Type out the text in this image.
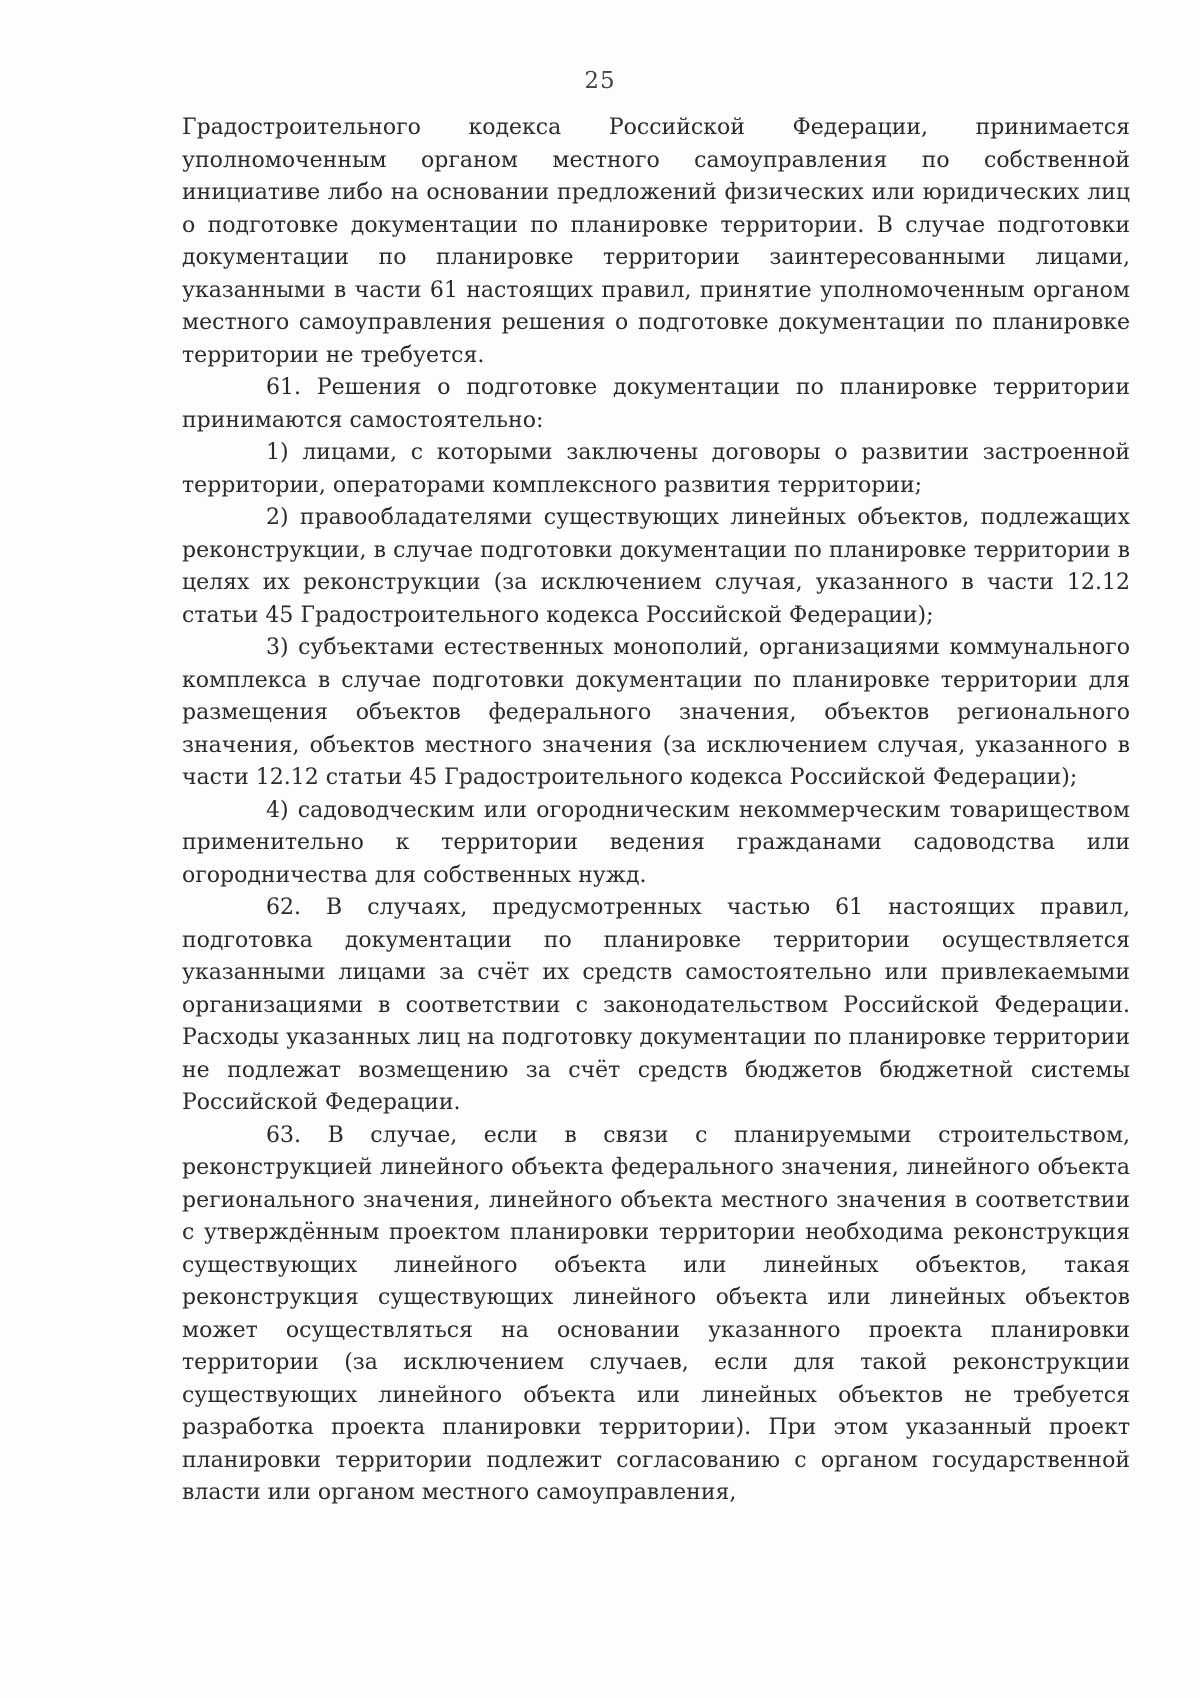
25

Градостроительного кодекса Российской Федерации, принимается уполномоченным органом местного самоуправления по собственной инициативе либо на основании предложений физических или юридических лиц о подготовке документации по планировке территории. В случае подготовки документации по планировке территории заинтересованными лицами, указанными в части 61 настоящих правил, принятие уполномоченным органом местного самоуправления решения о подготовке документации по планировке территории не требуется.

61. Решения о подготовке документации по планировке территории принимаются самостоятельно:

1) лицами, с которыми заключены договоры о развитии застроенной территории, операторами комплексного развития территории;

2) правообладателями существующих линейных объектов, подлежащих реконструкции, в случае подготовки документации по планировке территории в целях их реконструкции (за исключением случая, указанного в части 12.12 статьи 45 Градостроительного кодекса Российской Федерации);

3) субъектами естественных монополий, организациями коммунального комплекса в случае подготовки документации по планировке территории для размещения объектов федерального значения, объектов регионального значения, объектов местного значения (за исключением случая, указанного в части 12.12 статьи 45 Градостроительного кодекса Российской Федерации);

4) садоводческим или огородническим некоммерческим товариществом применительно к территории ведения гражданами садоводства или огородничества для собственных нужд.

62. В случаях, предусмотренных частью 61 настоящих правил, подготовка документации по планировке территории осуществляется указанными лицами за счёт их средств самостоятельно или привлекаемыми организациями в соответствии с законодательством Российской Федерации. Расходы указанных лиц на подготовку документации по планировке территории не подлежат возмещению за счёт средств бюджетов бюджетной системы Российской Федерации.

63. В случае, если в связи с планируемыми строительством, реконструкцией линейного объекта федерального значения, линейного объекта регионального значения, линейного объекта местного значения в соответствии с утверждённым проектом планировки территории необходима реконструкция существующих линейного объекта или линейных объектов, такая реконструкция существующих линейного объекта или линейных объектов может осуществляться на основании указанного проекта планировки территории (за исключением случаев, если для такой реконструкции существующих линейного объекта или линейных объектов не требуется разработка проекта планировки территории). При этом указанный проект планировки территории подлежит согласованию с органом государственной власти или органом местного самоуправления,
